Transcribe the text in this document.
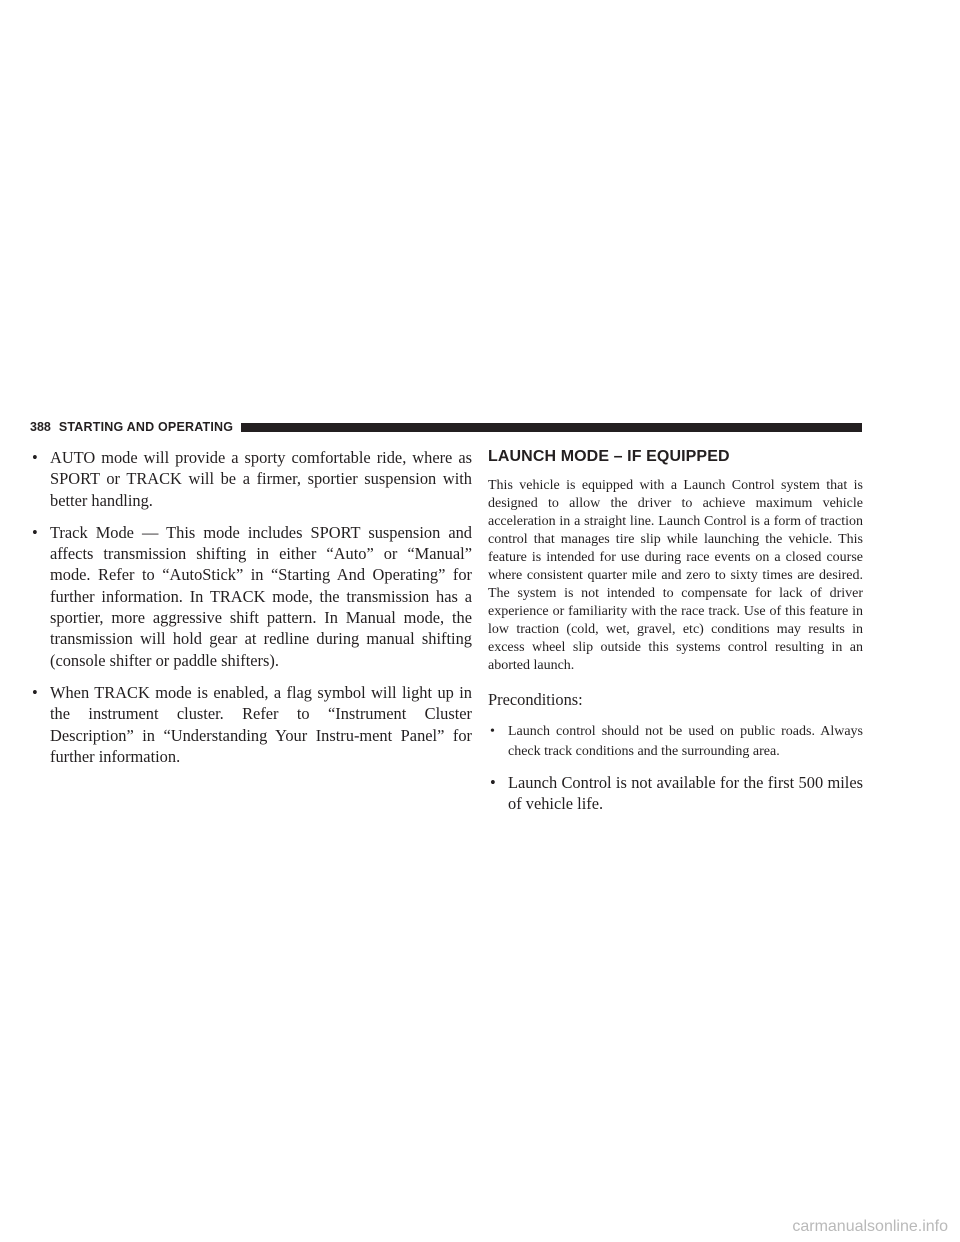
388 STARTING AND OPERATING
• AUTO mode will provide a sporty comfortable ride, where as SPORT or TRACK will be a firmer, sportier suspension with better handling.
• Track Mode — This mode includes SPORT suspension and affects transmission shifting in either “Auto” or “Manual” mode. Refer to “AutoStick” in “Starting And Operating” for further information. In TRACK mode, the transmission has a sportier, more aggressive shift pattern. In Manual mode, the transmission will hold gear at redline during manual shifting (console shifter or paddle shifters).
• When TRACK mode is enabled, a flag symbol will light up in the instrument cluster. Refer to “Instrument Cluster Description” in “Understanding Your Instru-ment Panel” for further information.
LAUNCH MODE – IF EQUIPPED

This vehicle is equipped with a Launch Control system that is designed to allow the driver to achieve maximum vehicle acceleration in a straight line. Launch Control is a form of traction control that manages tire slip while launching the vehicle. This feature is intended for use during race events on a closed course where consistent quarter mile and zero to sixty times are desired. The system is not intended to compensate for lack of driver experience or familiarity with the race track. Use of this feature in low traction (cold, wet, gravel, etc) conditions may results in excess wheel slip outside this systems control resulting in an aborted launch.

Preconditions:

• Launch control should not be used on public roads. Always check track conditions and the surrounding area.
• Launch Control is not available for the first 500 miles of vehicle life.
carmanualsonline.info
